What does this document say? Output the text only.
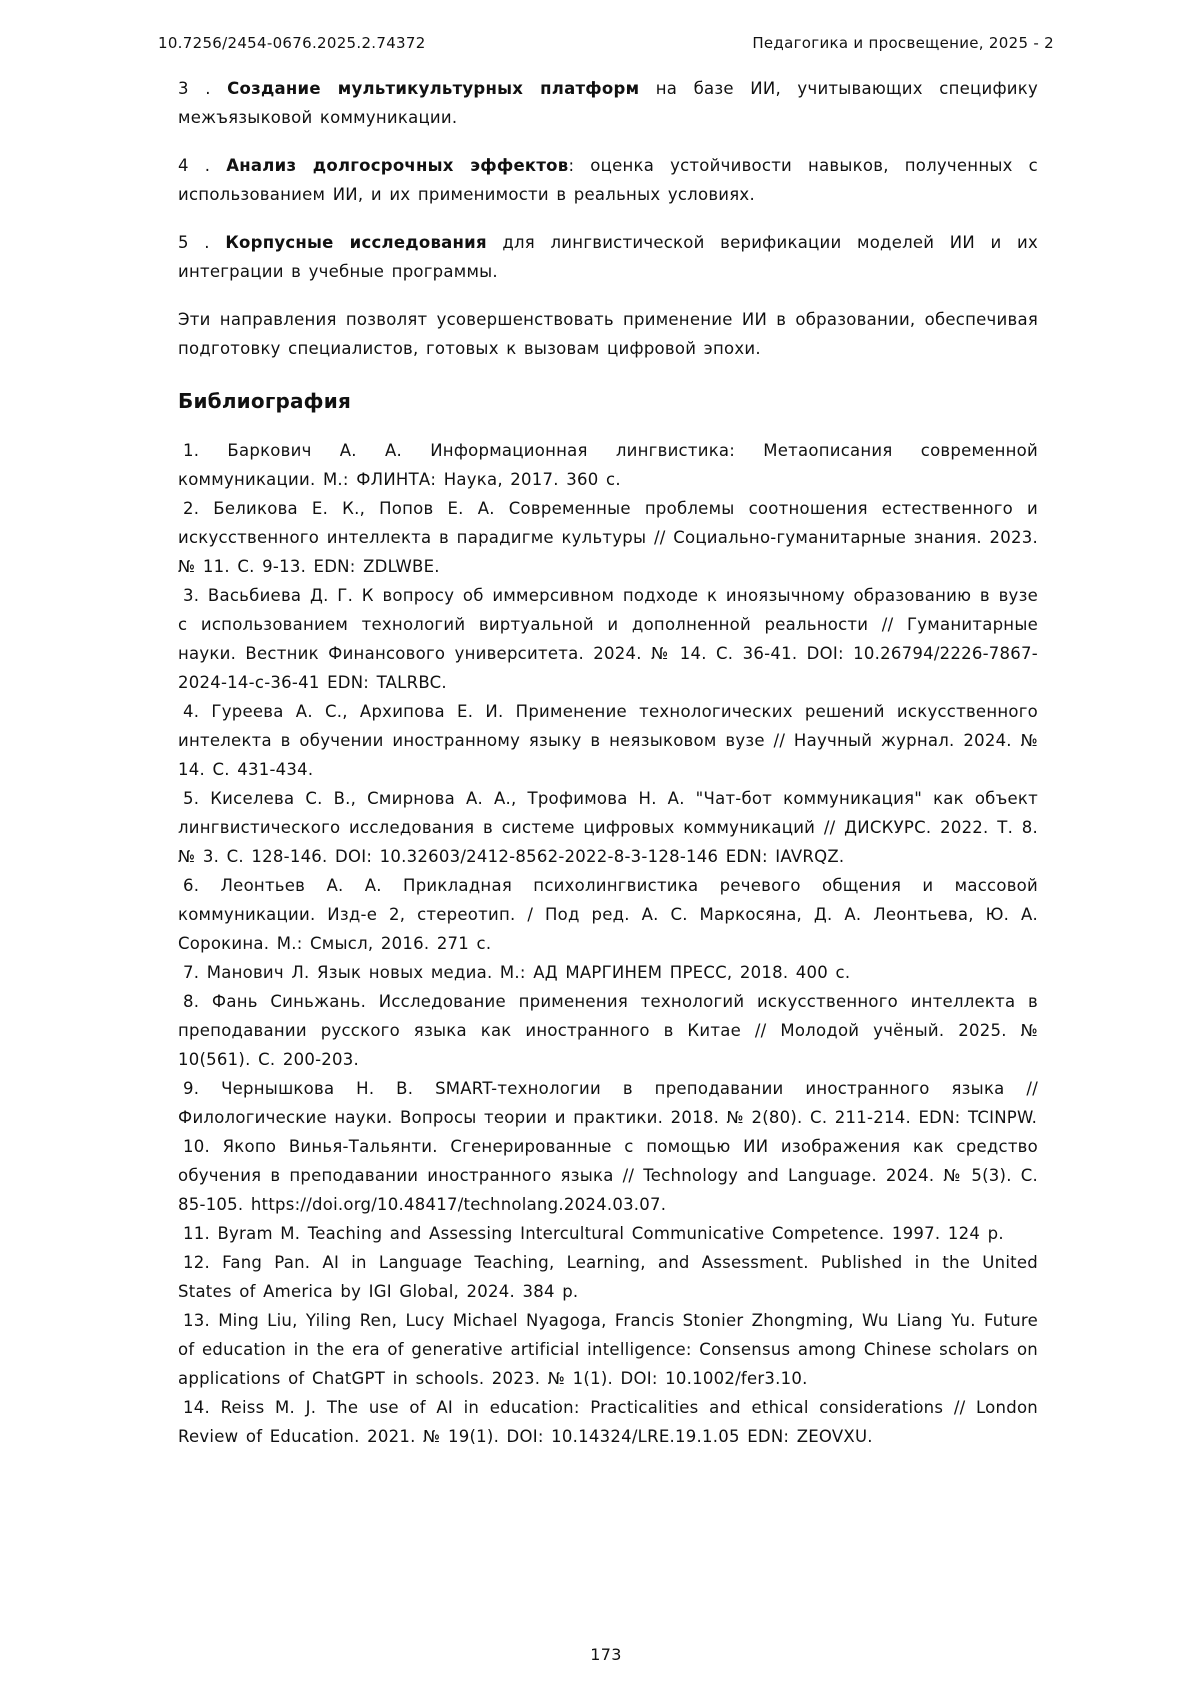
10.7256/2454-0676.2025.2.74372	Педагогика и просвещение, 2025 - 2

3 . Создание мультикультурных платформ на базе ИИ, учитывающих специфику межъязыковой коммуникации.

4 . Анализ долгосрочных эффектов: оценка устойчивости навыков, полученных с использованием ИИ, и их применимости в реальных условиях.

5 . Корпусные исследования для лингвистической верификации моделей ИИ и их интеграции в учебные программы.

Эти направления позволят усовершенствовать применение ИИ в образовании, обеспечивая подготовку специалистов, готовых к вызовам цифровой эпохи.

Библиография

1. Баркович А. А. Информационная лингвистика: Метаописания современной коммуникации. М.: ФЛИНТА: Наука, 2017. 360 с.

2. Беликова Е. К., Попов Е. А. Современные проблемы соотношения естественного и искусственного интеллекта в парадигме культуры // Социально-гуманитарные знания. 2023. № 11. С. 9-13. EDN: ZDLWBE.

3. Васьбиева Д. Г. К вопросу об иммерсивном подходе к иноязычному образованию в вузе с использованием технологий виртуальной и дополненной реальности // Гуманитарные науки. Вестник Финансового университета. 2024. № 14. С. 36-41. DOI: 10.26794/2226-7867-2024-14-c-36-41 EDN: TALRBC.

4. Гуреева А. С., Архипова Е. И. Применение технологических решений искусственного интелекта в обучении иностранному языку в неязыковом вузе // Научный журнал. 2024. № 14. С. 431-434.

5. Киселева С. В., Смирнова А. А., Трофимова Н. А. "Чат-бот коммуникация" как объект лингвистического исследования в системе цифровых коммуникаций // ДИСКУРС. 2022. Т. 8. № 3. С. 128-146. DOI: 10.32603/2412-8562-2022-8-3-128-146 EDN: IAVRQZ.

6. Леонтьев А. А. Прикладная психолингвистика речевого общения и массовой коммуникации. Изд-е 2, стереотип. / Под ред. А. С. Маркосяна, Д. А. Леонтьева, Ю. А. Сорокина. М.: Смысл, 2016. 271 с.

7. Манович Л. Язык новых медиа. М.: АД МАРГИНЕМ ПРЕСС, 2018. 400 с.

8. Фань Синьжань. Исследование применения технологий искусственного интеллекта в преподавании русского языка как иностранного в Китае // Молодой учёный. 2025. № 10(561). С. 200-203.

9. Чернышкова Н. В. SMART-технологии в преподавании иностранного языка // Филологические науки. Вопросы теории и практики. 2018. № 2(80). С. 211-214. EDN: TCINPW.

10. Якопо Винья-Тальянти. Сгенерированные с помощью ИИ изображения как средство обучения в преподавании иностранного языка // Technology and Language. 2024. № 5(3). С. 85-105. https://doi.org/10.48417/technolang.2024.03.07.

11. Byram M. Teaching and Assessing Intercultural Communicative Competence. 1997. 124 p.

12. Fang Pan. AI in Language Teaching, Learning, and Assessment. Published in the United States of America by IGI Global, 2024. 384 p.

13. Ming Liu, Yiling Ren, Lucy Michael Nyagoga, Francis Stonier Zhongming, Wu Liang Yu. Future of education in the era of generative artificial intelligence: Consensus among Chinese scholars on applications of ChatGPT in schools. 2023. № 1(1). DOI: 10.1002/fer3.10.

14. Reiss M. J. The use of AI in education: Practicalities and ethical considerations // London Review of Education. 2021. № 19(1). DOI: 10.14324/LRE.19.1.05 EDN: ZEOVXU.

173
